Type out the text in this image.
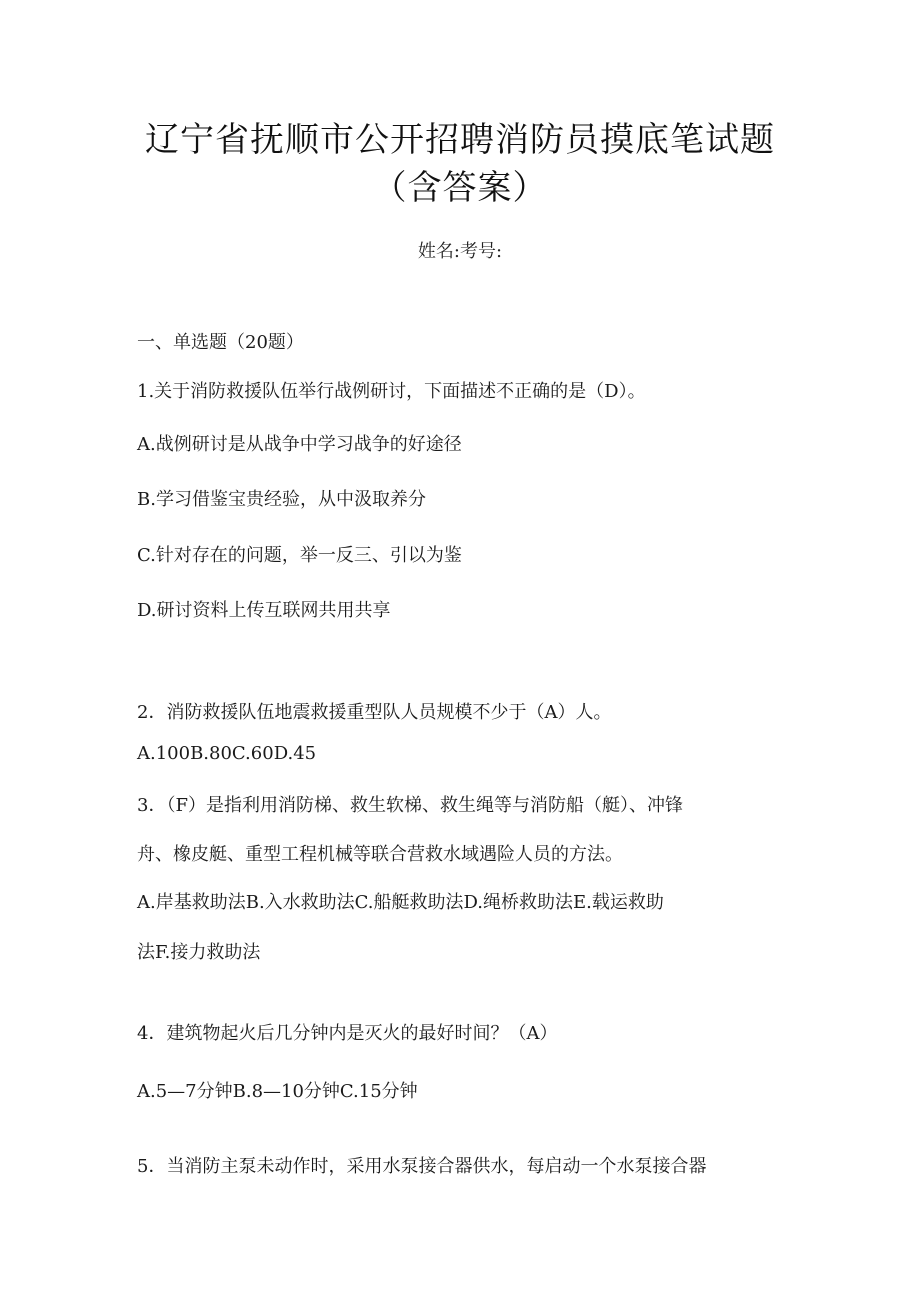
辽宁省抚顺市公开招聘消防员摸底笔试题
（含答案）
姓名:考号:
一、单选题（20题）
1.关于消防救援队伍举行战例研讨，下面描述不正确的是（D）。
A.战例研讨是从战争中学习战争的好途径
B.学习借鉴宝贵经验，从中汲取养分
C.针对存在的问题，举一反三、引以为鉴
D.研讨资料上传互联网共用共享
2．消防救援队伍地震救援重型队人员规模不少于（A）人。
A.100B.80C.60D.45
3．（F）是指利用消防梯、救生软梯、救生绳等与消防船（艇）、冲锋
舟、橡皮艇、重型工程机械等联合营救水域遇险人员的方法。
A.岸基救助法B.入水救助法C.船艇救助法D.绳桥救助法E.载运救助
法F.接力救助法
4．建筑物起火后几分钟内是灭火的最好时间？（A）
A.5—7分钟B.8—10分钟C.15分钟
5．当消防主泵未动作时，采用水泵接合器供水，每启动一个水泵接合器
